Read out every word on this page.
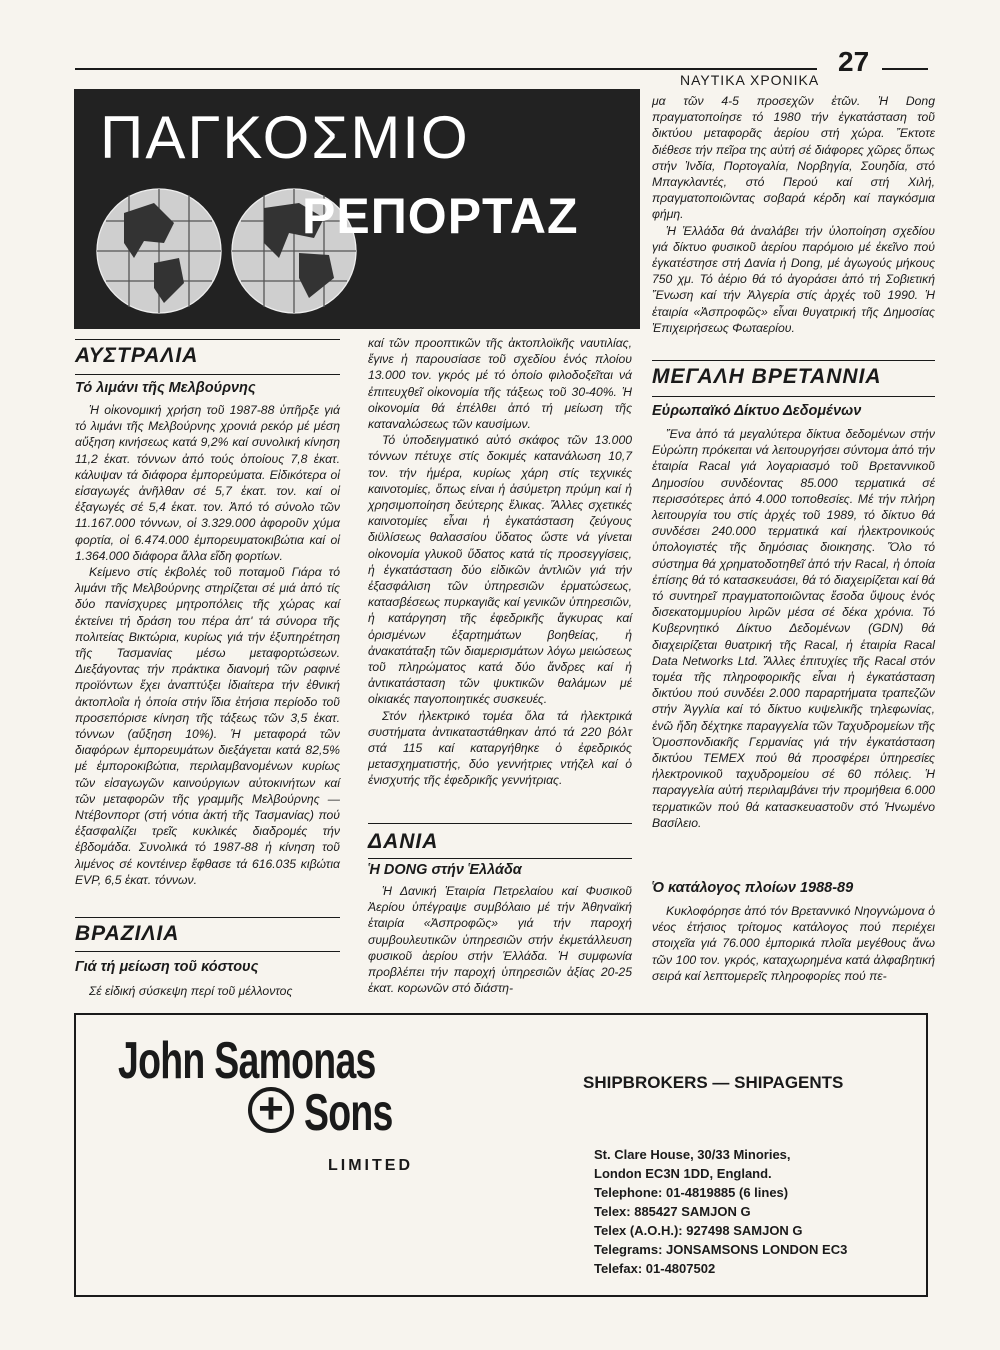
ΝΑΥΤΙΚΑ ΧΡΟΝΙΚΑ
27
ΠΑΓΚΟΣΜΙΟ
ΡΕΠΟΡΤΑΖ
ΑΥΣΤΡΑΛΙΑ
Τό λιμάνι τῆς Μελβούρνης

Ἡ οἰκονομική χρήση τοῦ 1987-88 ὑπῆρξε γιά τό λιμάνι τῆς Μελβούρνης χρονιά ρεκόρ μέ μέση αὔξηση κινήσεως κατά 9,2% καί συνολική κίνηση 11,2 ἑκατ. τόννων ἀπό τούς ὁποίους 7,8 ἑκατ. κάλυψαν τά διάφορα ἐμπορεύματα. Εἰδικότερα οἱ εἰσαγωγές ἀνῆλθαν σέ 5,7 ἑκατ. τον. καί οἱ ἐξαγωγές σέ 5,4 ἑκατ. τον. Ἀπό τό σύνολο τῶν 11.167.000 τόννων, οἱ 3.329.000 ἀφοροῦν χύμα φορτία, οἱ 6.474.000 ἐμπορευματοκιβώτια καί οἱ 1.364.000 διάφορα ἄλλα εἴδη φορτίων.

Κείμενο στίς ἐκβολές τοῦ ποταμοῦ Γιάρα τό λιμάνι τῆς Μελβούρνης στηρίζεται σέ μιά ἀπό τίς δύο πανίσχυρες μητροπόλεις τῆς χώρας καί ἐκτείνει τή δράση του πέρα ἀπ' τά σύνορα τῆς πολιτείας Βικτώρια, κυρίως γιά τήν ἐξυπηρέτηση τῆς Τασμανίας μέσω μεταφορτώσεων. Διεξάγοντας τήν πράκτικα διανομή τῶν ραφινέ προϊόντων ἔχει ἀναπτύξει ἰδιαίτερα τήν ἐθνική ἀκτοπλοΐα ἡ ὁποία στήν ἴδια ἐτήσια περίοδο τοῦ προσεπόρισε κίνηση τῆς τάξεως τῶν 3,5 ἑκατ. τόννων (αὔξηση 10%). Ἡ μεταφορά τῶν διαφόρων ἐμπορευμάτων διεξάγεται κατά 82,5% μέ ἐμποροκιβώτια, περιλαμβανομένων κυρίως τῶν εἰσαγωγῶν καινούργιων αὐτοκινήτων καί τῶν μεταφορῶν τῆς γραμμῆς Μελβούρνης — Ντέβονπορτ (στή νότια ἀκτή τῆς Τασμανίας) πού ἐξασφαλίζει τρεῖς κυκλικές διαδρομές τήν ἑβδομάδα. Συνολικά τό 1987-88 ἡ κίνηση τοῦ λιμένος σέ κοντέινερ ἔφθασε τά 616.035 κιβώτια EVP, 6,5 ἑκατ. τόννων.

ΒΡΑΖΙΛΙΑ
Γιά τή μείωση τοῦ κόστους

Σέ εἰδική σύσκεψη περί τοῦ μέλλοντος

καί τῶν προοπτικῶν τῆς ἀκτοπλοϊκῆς ναυτιλίας, ἔγινε ἡ παρουσίασε τοῦ σχεδίου ἑνός πλοίου 13.000 τον. γκρός μέ τό ὁποίο φιλοδοξεῖται νά ἐπιτευχθεῖ οἰκονομία τῆς τάξεως τοῦ 30-40%. Ἡ οἰκονομία θά ἐπέλθει ἀπό τή μείωση τῆς καταναλώσεως τῶν καυσίμων.

Τό ὑποδειγματικό αὐτό σκάφος τῶν 13.000 τόννων πέτυχε στίς δοκιμές κατανάλωση 10,7 τον. τήν ἡμέρα, κυρίως χάρη στίς τεχνικές καινοτομίες, ὅπως είναι ἡ ἀσύμετρη πρύμη καί ἡ χρησιμοποίηση δεύτερης ἕλικας. Ἄλλες σχετικές καινοτομίες εἶναι ἡ ἐγκατάσταση ζεύγους διϋλίσεως θαλασσίου ὕδατος ὥστε νά γίνεται οἰκονομία γλυκοῦ ὕδατος κατά τίς προσεγγίσεις, ἡ ἐγκατάσταση δύο εἰδικῶν ἀντλιῶν γιά τήν ἐξασφάλιση τῶν ὑπηρεσιῶν ἐρματώσεως, κατασβέσεως πυρκαγιᾶς καί γενικῶν ὑπηρεσιῶν, ἡ κατάργηση τῆς ἐφεδρικῆς ἄγκυρας καί ὁρισμένων ἐξαρτημάτων βοηθείας, ἡ ἀνακατάταξη τῶν διαμερισμάτων λόγω μειώσεως τοῦ πληρώματος κατά δύο ἄνδρες καί ἡ ἀντικατάσταση τῶν ψυκτικῶν θαλάμων μέ οἰκιακές παγοποιητικές συσκευές.

Στόν ἠλεκτρικό τομέα ὅλα τά ἠλεκτρικά συστήματα ἀντικαταστάθηκαν ἀπό τά 220 βόλτ στά 115 καί καταργήθηκε ὁ ἐφεδρικός μετασχηματιστής, δύο γεννήτριες ντήζελ καί ὁ ἐνισχυτής τῆς ἐφεδρικῆς γεννήτριας.

ΔΑΝΙΑ
Ἡ DONG στήν Ἑλλάδα

Ἡ Δανική Ἑταιρία Πετρελαίου καί Φυσικοῦ Ἀερίου ὑπέγραψε συμβόλαιο μέ τήν Ἀθηναϊκή ἑταιρία «Ἀσπροφῶς» γιά τήν παροχή συμβουλευτικῶν ὑπηρεσιῶν στήν ἐκμετάλλευση φυσικοῦ ἀερίου στήν Ἑλλάδα. Ἡ συμφωνία προβλέπει τήν παροχή ὑπηρεσιῶν ἀξίας 20-25 ἑκατ. κορωνῶν στό διάστη-

μα τῶν 4-5 προσεχῶν ἐτῶν. Ἡ Dong πραγματοποίησε τό 1980 τήν ἐγκατάσταση τοῦ δικτύου μεταφορᾶς ἀερίου στή χώρα. Ἔκτοτε διέθεσε τήν πεῖρα της αὐτή σέ διάφορες χῶρες ὅπως στήν Ἰνδία, Πορτογαλία, Νορβηγία, Σουηδία, στό Μπαγκλαντές, στό Περού καί στή Χιλή, πραγματοποιῶντας σοβαρά κέρδη καί παγκόσμια φήμη.

Ἡ Ἑλλάδα θά ἀναλάβει τήν ὑλοποίηση σχεδίου γιά δίκτυο φυσικοῦ ἀερίου παρόμοιο μέ ἐκεῖνο πού ἐγκατέστησε στή Δανία ἡ Dong, μέ ἀγωγούς μήκους 750 χμ. Τό ἀέριο θά τό ἀγοράσει ἀπό τή Σοβιετική Ἕνωση καί τήν Ἀλγερία στίς ἀρχές τοῦ 1990. Ἡ ἑταιρία «Ἀσπροφῶς» εἶναι θυγατρική τῆς Δημοσίας Ἐπιχειρήσεως Φωταερίου.

ΜΕΓΑΛΗ ΒΡΕΤΑΝΝΙΑ
Εὐρωπαϊκό Δίκτυο Δεδομένων

Ἕνα ἀπό τά μεγαλύτερα δίκτυα δεδομένων στήν Εὐρώπη πρόκειται νά λειτουργήσει σύντομα ἀπό τήν ἑταιρία Racal γιά λογαριασμό τοῦ Βρεταννικοῦ Δημοσίου συνδέοντας 85.000 τερματικά σέ περισσότερες ἀπό 4.000 τοποθεσίες. Μέ τήν πλήρη λειτουργία του στίς ἀρχές τοῦ 1989, τό δίκτυο θά συνδέσει 240.000 τερματικά καί ἠλεκτρονικούς ὑπολογιστές τῆς δημόσιας διοικησης. Ὅλο τό σύστημα θά χρηματοδοτηθεῖ ἀπό τήν Racal, ἡ ὁποία ἐπίσης θά τό κατασκευάσει, θά τό διαχειρίζεται καί θά τό συντηρεῖ πραγματοποιῶντας ἔσοδα ὕψους ἑνός δισεκατομμυρίου λιρῶν μέσα σέ δέκα χρόνια. Τό Κυβερνητικό Δίκτυο Δεδομένων (GDN) θά διαχειρίζεται θυατρική τῆς Racal, ἡ ἑταιρία Racal Data Networks Ltd. Ἄλλες ἐπιτυχίες τῆς Racal στόν τομέα τῆς πληροφορικῆς εἶναι ἡ ἐγκατάσταση δικτύου πού συνδέει 2.000 παραρτήματα τραπεζῶν στήν Ἀγγλία καί τό δίκτυο κυψελικῆς τηλεφωνίας, ἐνῶ ἤδη δέχτηκε παραγγελία τῶν Ταχυδρομείων τῆς Ὁμοσπονδιακῆς Γερμανίας γιά τήν ἐγκατάσταση δικτύου TEMEX πού θά προσφέρει ὑπηρεσίες ἠλεκτρονικοῦ ταχυδρομείου σέ 60 πόλεις. Ἡ παραγγελία αὐτή περιλαμβάνει τήν προμήθεια 6.000 τερματικῶν πού θά κατασκευαστοῦν στό Ἡνωμένο Βασίλειο.

Ὁ κατάλογος πλοίων 1988-89

Κυκλοφόρησε ἀπό τόν Βρεταννικό Νηογνώμονα ὁ νέος ἐτήσιος τρίτομος κατάλογος πού περιέχει στοιχεῖα γιά 76.000 ἐμπορικά πλοῖα μεγέθους ἄνω τῶν 100 τον. γκρός, καταχωρημένα κατά ἀλφαβητική σειρά καί λεπτομερεῖς πληροφορίες πού πε-

John Samonas
+ Sons
LIMITED
SHIPBROKERS — SHIPAGENTS
St. Clare House, 30/33 Minories,
London EC3N 1DD, England.
Telephone: 01-4819885 (6 lines)
Telex: 885427 SAMJON G
Telex (A.O.H.): 927498 SAMJON G
Telegrams: JONSAMSONS LONDON EC3
Telefax: 01-4807502
